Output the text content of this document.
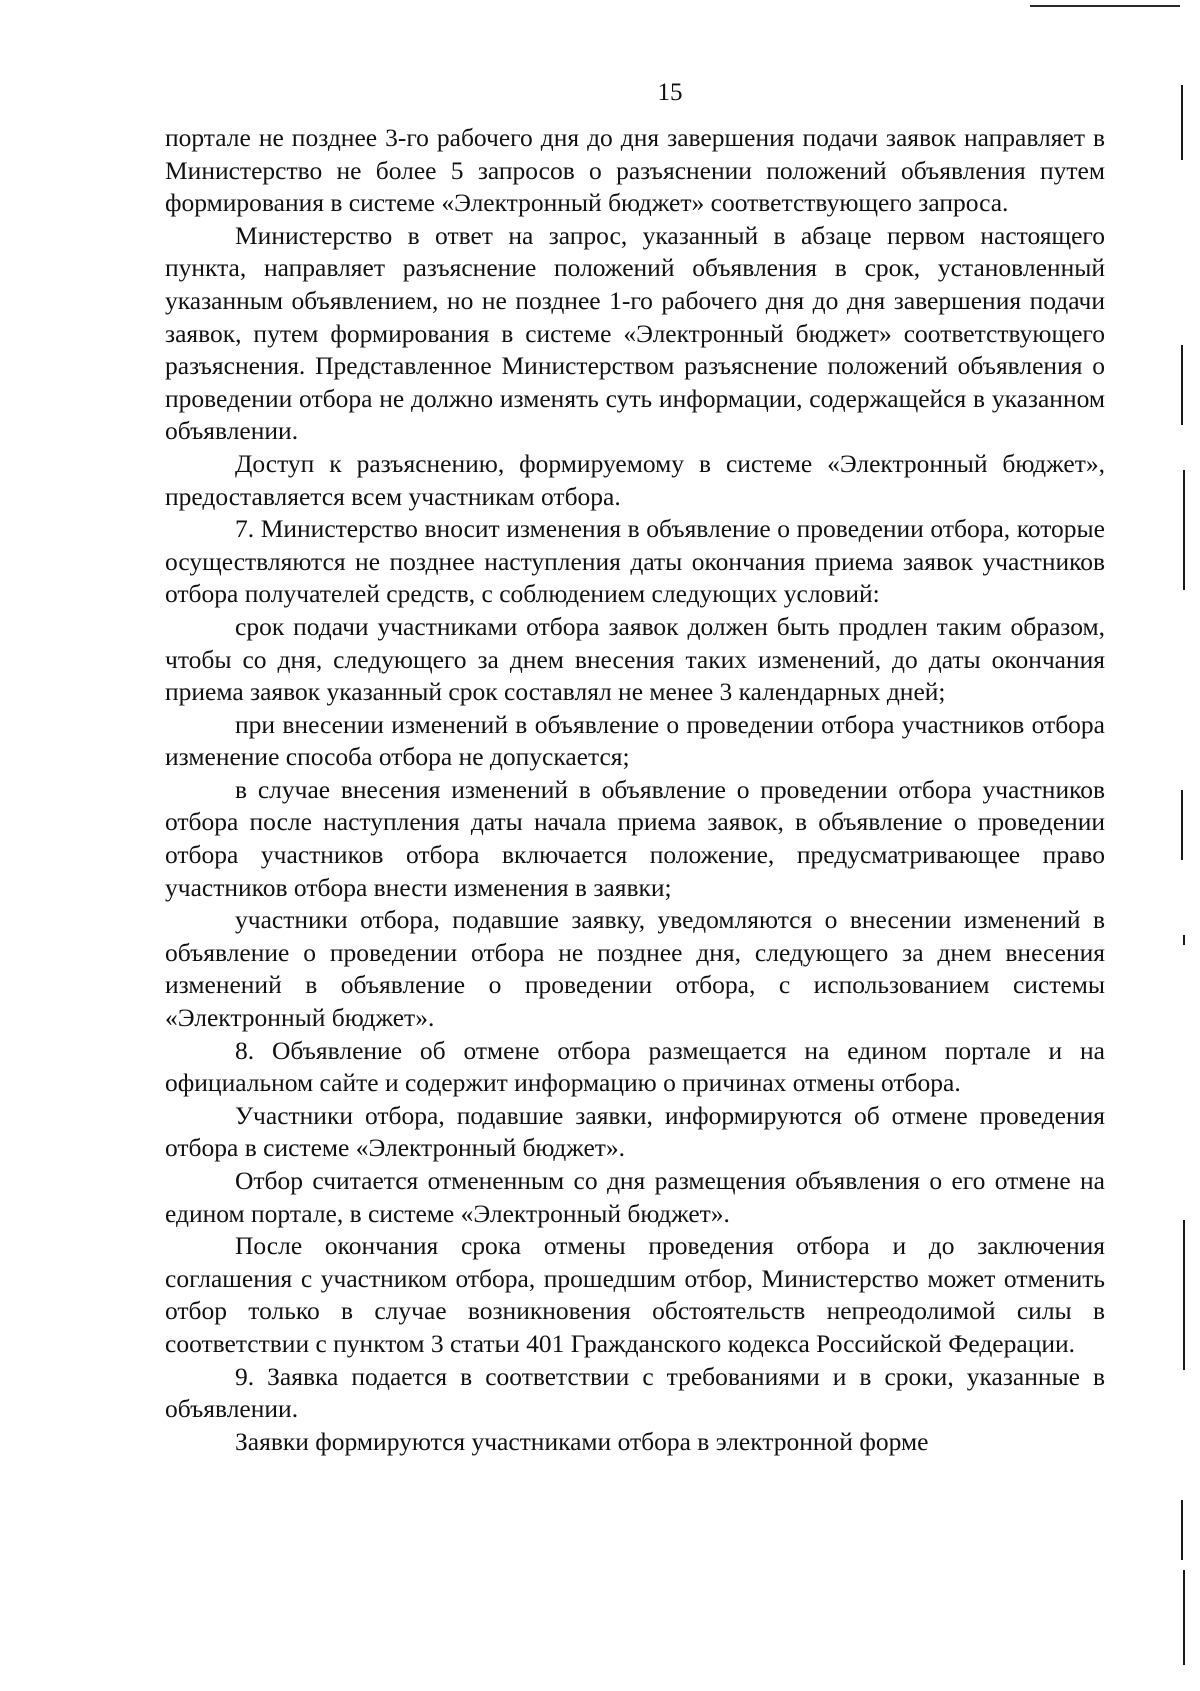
15

портале не позднее 3-го рабочего дня до дня завершения подачи заявок направляет в Министерство не более 5 запросов о разъяснении положений объявления путем формирования в системе «Электронный бюджет» соответствующего запроса.

Министерство в ответ на запрос, указанный в абзаце первом настоящего пункта, направляет разъяснение положений объявления в срок, установленный указанным объявлением, но не позднее 1-го рабочего дня до дня завершения подачи заявок, путем формирования в системе «Электронный бюджет» соответствующего разъяснения. Представленное Министерством разъяснение положений объявления о проведении отбора не должно изменять суть информации, содержащейся в указанном объявлении.

Доступ к разъяснению, формируемому в системе «Электронный бюджет», предоставляется всем участникам отбора.

7. Министерство вносит изменения в объявление о проведении отбора, которые осуществляются не позднее наступления даты окончания приема заявок участников отбора получателей средств, с соблюдением следующих условий:

срок подачи участниками отбора заявок должен быть продлен таким образом, чтобы со дня, следующего за днем внесения таких изменений, до даты окончания приема заявок указанный срок составлял не менее 3 календарных дней;

при внесении изменений в объявление о проведении отбора участников отбора изменение способа отбора не допускается;

в случае внесения изменений в объявление о проведении отбора участников отбора после наступления даты начала приема заявок, в объявление о проведении отбора участников отбора включается положение, предусматривающее право участников отбора внести изменения в заявки;

участники отбора, подавшие заявку, уведомляются о внесении изменений в объявление о проведении отбора не позднее дня, следующего за днем внесения изменений в объявление о проведении отбора, с использованием системы «Электронный бюджет».

8. Объявление об отмене отбора размещается на едином портале и на официальном сайте и содержит информацию о причинах отмены отбора.

Участники отбора, подавшие заявки, информируются об отмене проведения отбора в системе «Электронный бюджет».

Отбор считается отмененным со дня размещения объявления о его отмене на едином портале, в системе «Электронный бюджет».

После окончания срока отмены проведения отбора и до заключения соглашения с участником отбора, прошедшим отбор, Министерство может отменить отбор только в случае возникновения обстоятельств непреодолимой силы в соответствии с пунктом 3 статьи 401 Гражданского кодекса Российской Федерации.

9. Заявка подается в соответствии с требованиями и в сроки, указанные в объявлении.

Заявки формируются участниками отбора в электронной форме
